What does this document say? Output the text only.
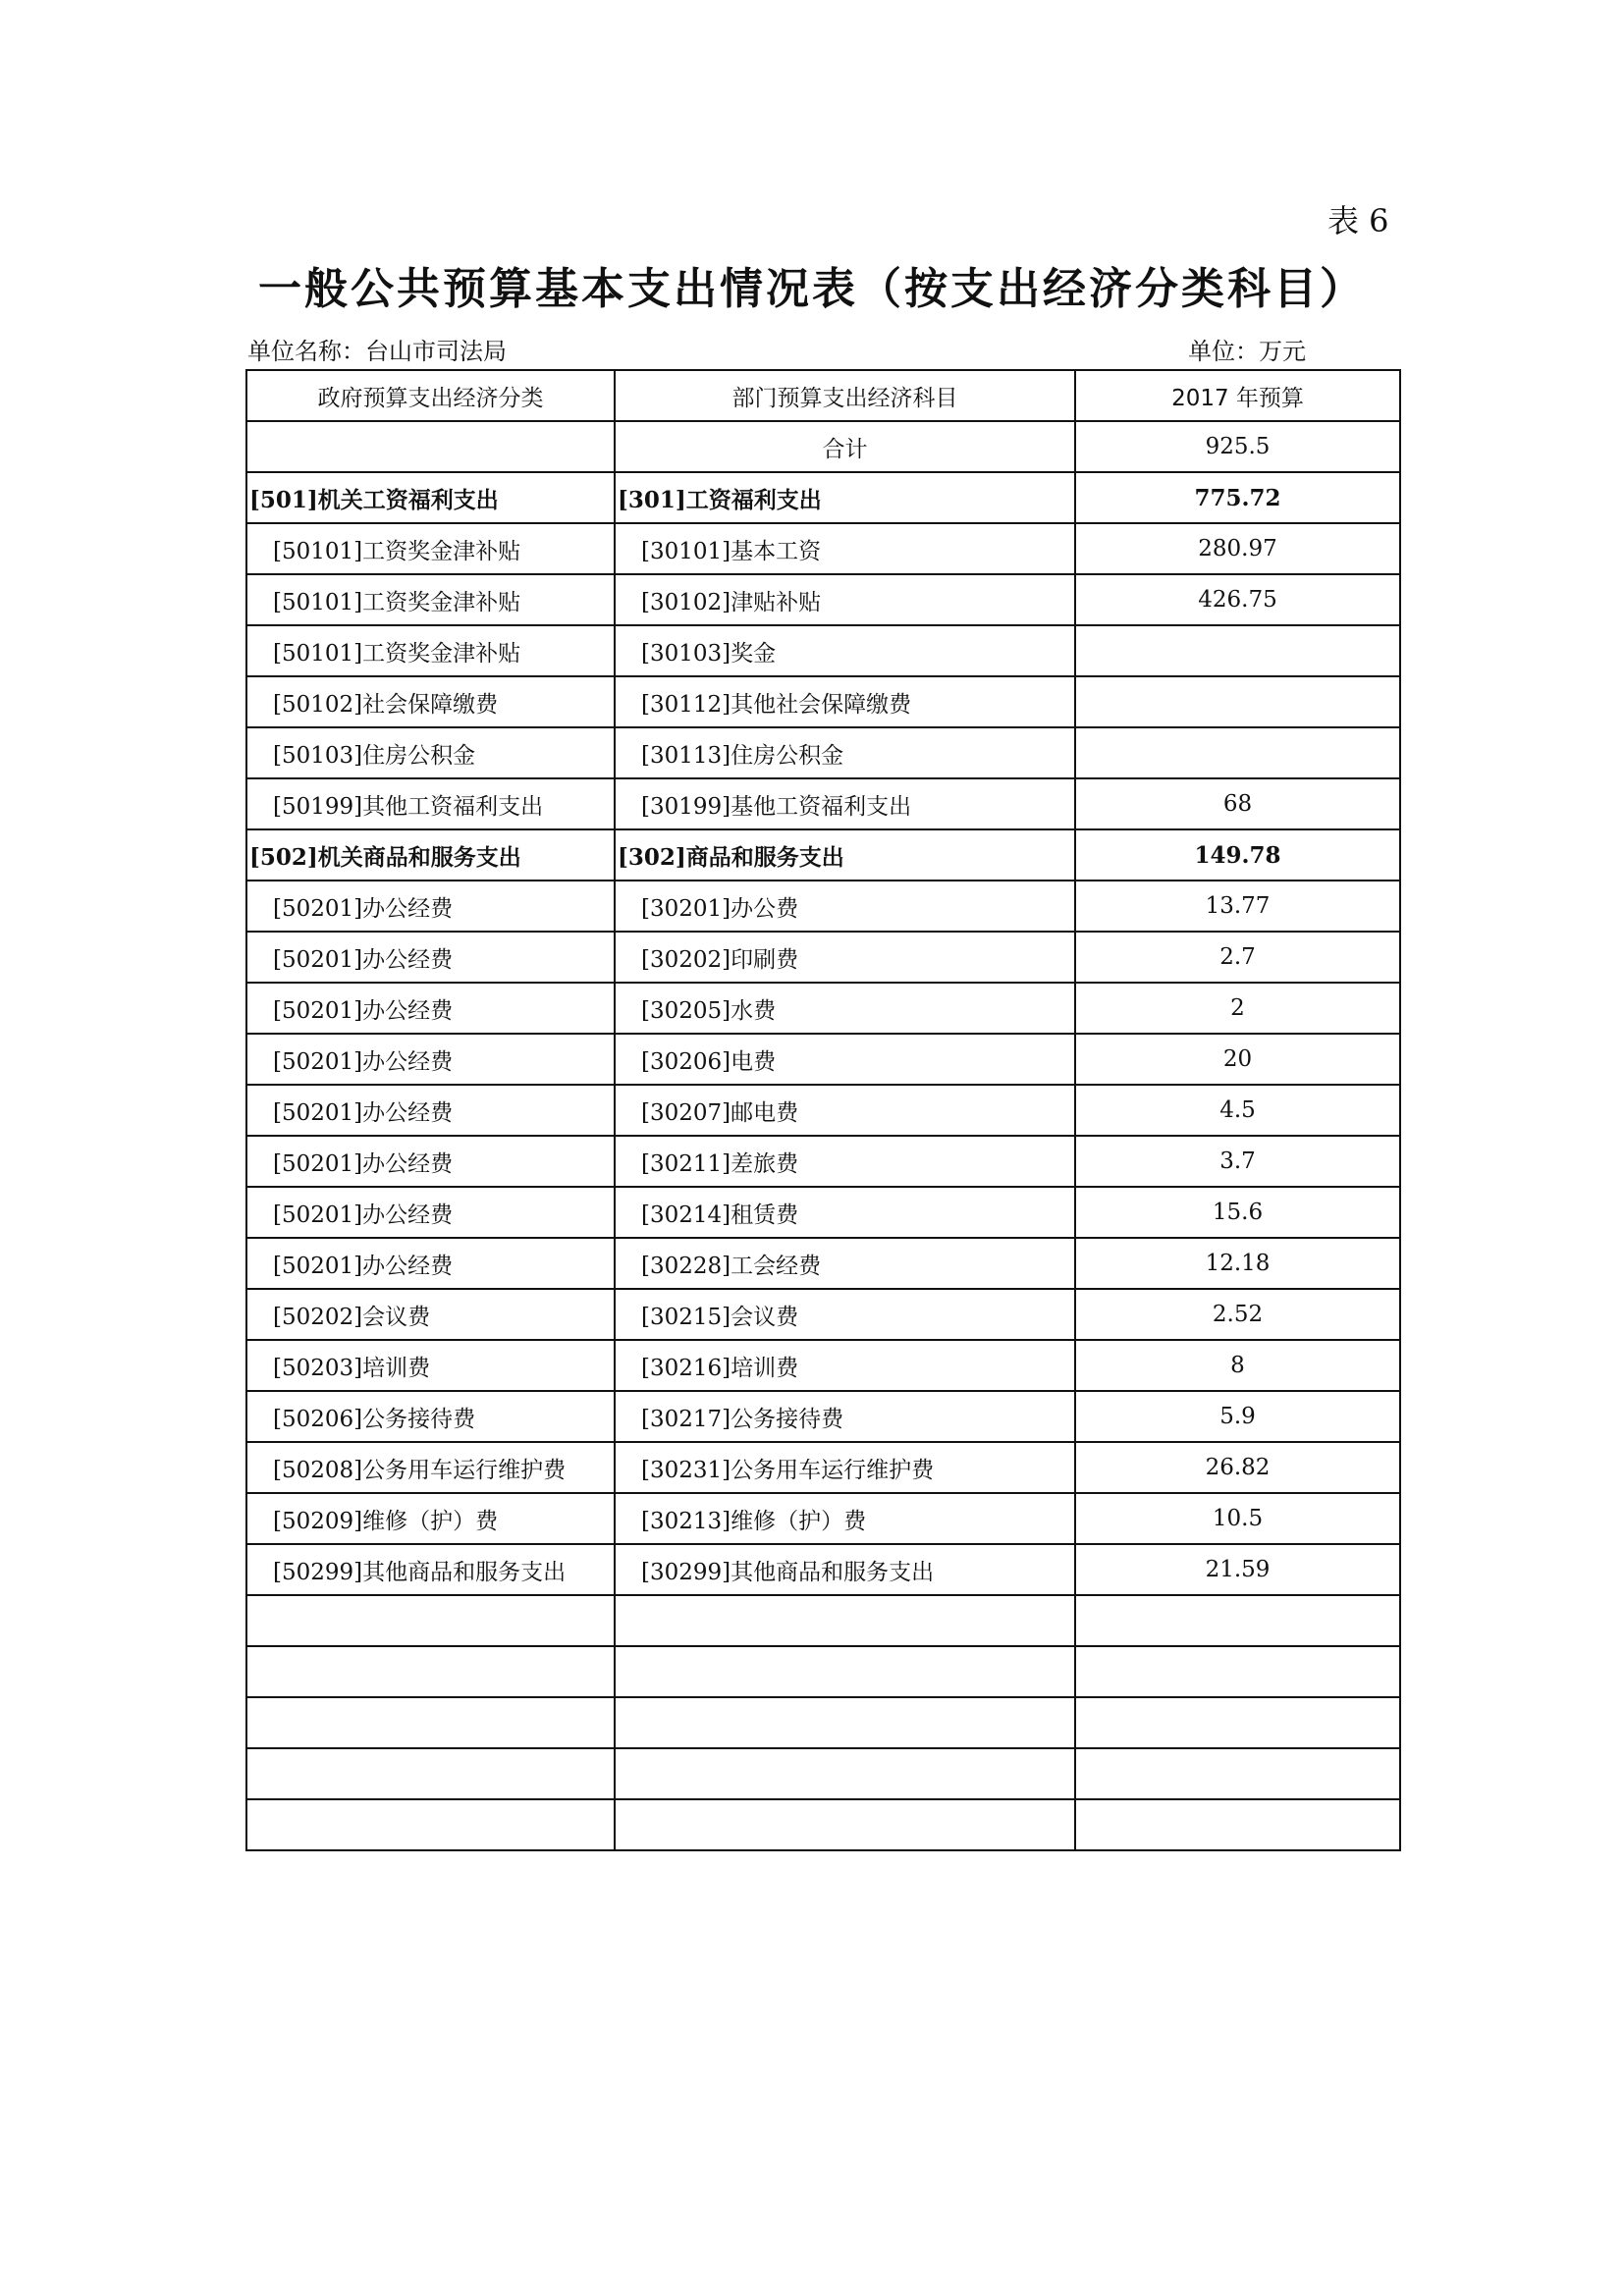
表 6
一般公共预算基本支出情况表（按支出经济分类科目）
单位名称：台山市司法局	单位：万元
政府预算支出经济分类	部门预算支出经济科目	2017 年预算
	合计	925.5
[501]机关工资福利支出	[301]工资福利支出	775.72
[50101]工资奖金津补贴	[30101]基本工资	280.97
[50101]工资奖金津补贴	[30102]津贴补贴	426.75
[50101]工资奖金津补贴	[30103]奖金	
[50102]社会保障缴费	[30112]其他社会保障缴费	
[50103]住房公积金	[30113]住房公积金	
[50199]其他工资福利支出	[30199]基他工资福利支出	68
[502]机关商品和服务支出	[302]商品和服务支出	149.78
[50201]办公经费	[30201]办公费	13.77
[50201]办公经费	[30202]印刷费	2.7
[50201]办公经费	[30205]水费	2
[50201]办公经费	[30206]电费	20
[50201]办公经费	[30207]邮电费	4.5
[50201]办公经费	[30211]差旅费	3.7
[50201]办公经费	[30214]租赁费	15.6
[50201]办公经费	[30228]工会经费	12.18
[50202]会议费	[30215]会议费	2.52
[50203]培训费	[30216]培训费	8
[50206]公务接待费	[30217]公务接待费	5.9
[50208]公务用车运行维护费	[30231]公务用车运行维护费	26.82
[50209]维修（护）费	[30213]维修（护）费	10.5
[50299]其他商品和服务支出	[30299]其他商品和服务支出	21.59
